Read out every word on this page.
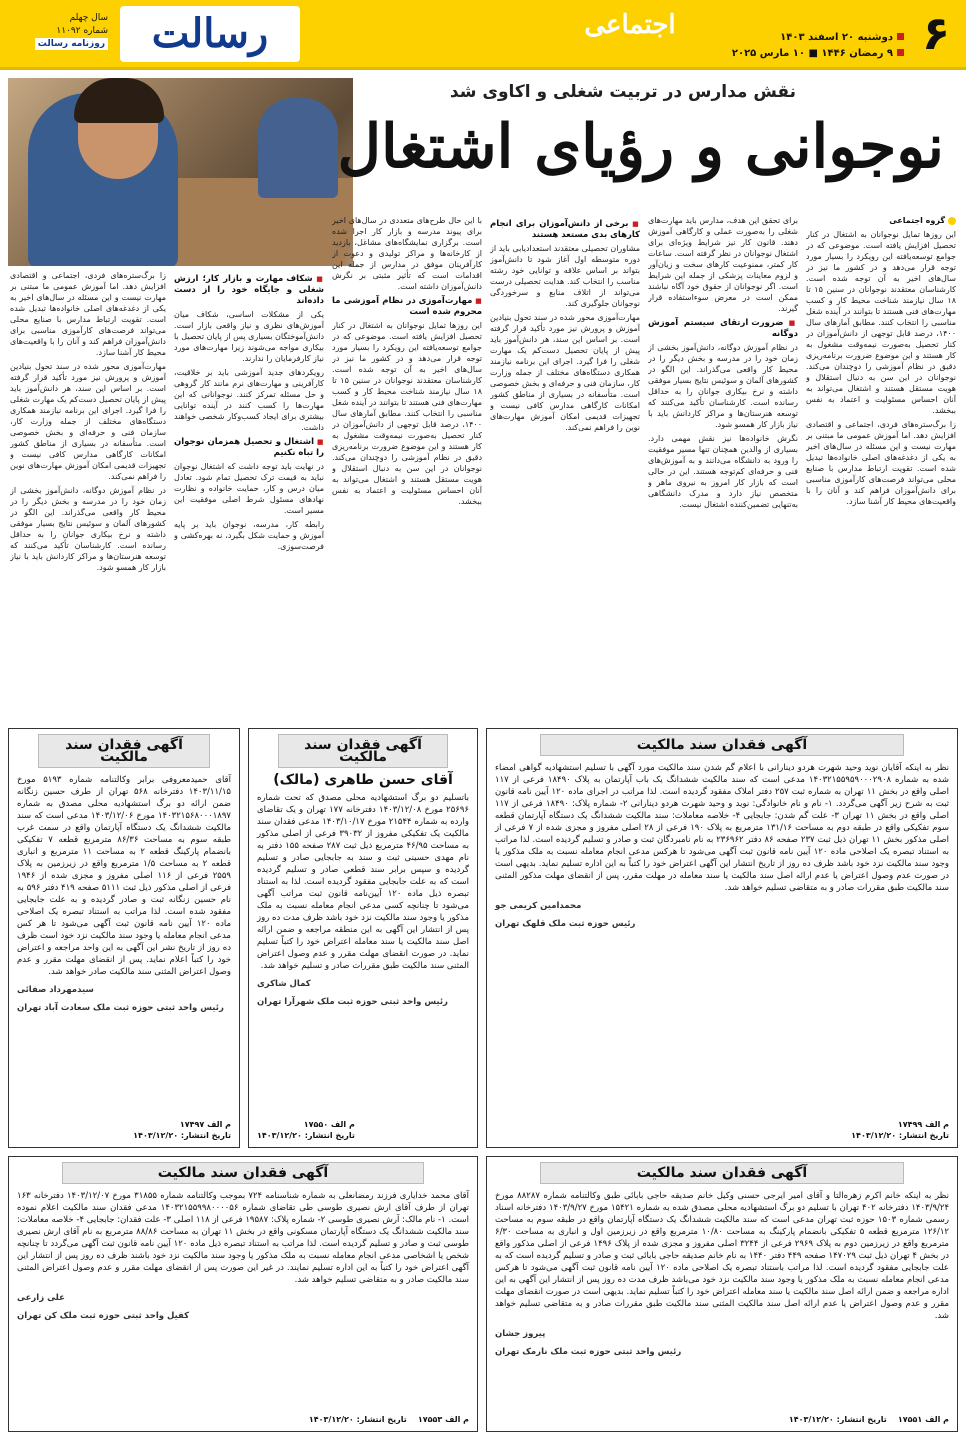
۶
دوشنبه ۲۰ اسفند ۱۴۰۳
۹ رمضان ۱۴۴۶ ■ ۱۰ مارس ۲۰۲۵
اجتماعی
رسالت
سال چهلم
شماره ۱۱۰۹۲
روزنامه رسالت
نقش مدارس در تربیت شغلی و اکاوی شد
نوجوانی و رؤیای اشتغال

گروه اجتماعی

این روزها تمایل نوجوانان به اشتغال در کنار تحصیل افزایش یافته است. موضوعی که در جوامع توسعه‌یافته این رویکرد را بسیار مورد توجه قرار می‌دهد و در کشور ما نیز در سال‌های اخیر به آن توجه شده است. کارشناسان معتقدند نوجوانان در سنین ۱۵ تا ۱۸ سال نیازمند شناخت محیط کار و کسب مهارت‌های فنی هستند تا بتوانند در آینده شغل مناسبی را انتخاب کنند. مطابق آمارهای سال ۱۴۰۰، درصد قابل توجهی از دانش‌آموزان در کنار تحصیل به‌صورت نیمه‌وقت مشغول به کار هستند و این موضوع ضرورت برنامه‌ریزی دقیق در نظام آموزشی را دوچندان می‌کند. نوجوانان در این سن به دنبال استقلال و هویت مستقل هستند و اشتغال می‌تواند به آنان احساس مسئولیت و اعتماد به نفس ببخشد.

زا برگ‌ستره‌های فردی، اجتماعی و اقتصادی افزایش دهد. اما آموزش عمومی ما مبتنی بر مهارت نیست و این مسئله در سال‌های اخیر به یکی از دغدغه‌های اصلی خانواده‌ها تبدیل شده است. تقویت ارتباط مدارس با صنایع محلی می‌تواند فرصت‌های کارآموزی مناسبی برای دانش‌آموزان فراهم کند و آنان را با واقعیت‌های محیط کار آشنا سازد.

برای تحقق این هدف، مدارس باید مهارت‌های شغلی را به‌صورت عملی و کارگاهی آموزش دهند. قانون کار نیز شرایط ویژه‌ای برای اشتغال نوجوانان در نظر گرفته است. ساعات کار کمتر، ممنوعیت کارهای سخت و زیان‌آور و لزوم معاینات پزشکی از جمله این شرایط است. اگر نوجوانان از حقوق خود آگاه نباشند ممکن است در معرض سوءاستفاده قرار گیرند.

■ ضرورت ارتقای سیستم آموزش دوگانه

در نظام آموزش دوگانه، دانش‌آموز بخشی از زمان خود را در مدرسه و بخش دیگر را در محیط کار واقعی می‌گذراند. این الگو در کشورهای آلمان و سوئیس نتایج بسیار موفقی داشته و نرخ بیکاری جوانان را به حداقل رسانده است. کارشناسان تأکید می‌کنند که توسعه هنرستان‌ها و مراکز کاردانش باید با نیاز بازار کار همسو شود.

نگرش خانواده‌ها نیز نقش مهمی دارد. بسیاری از والدین همچنان تنها مسیر موفقیت را ورود به دانشگاه می‌دانند و به آموزش‌های فنی و حرفه‌ای کم‌توجه هستند. این در حالی است که بازار کار امروز به نیروی ماهر و متخصص نیاز دارد و مدرک دانشگاهی به‌تنهایی تضمین‌کننده اشتغال نیست.

■ برخی از دانش‌آموزان برای انجام کارهای بدی مستعد هستند

مشاوران تحصیلی معتقدند استعدادیابی باید از دوره متوسطه اول آغاز شود تا دانش‌آموز بتواند بر اساس علاقه و توانایی خود رشته مناسب را انتخاب کند. هدایت تحصیلی درست می‌تواند از اتلاف منابع و سرخوردگی نوجوانان جلوگیری کند.

مهارت‌آموزی محور شده در سند تحول بنیادین آموزش و پرورش نیز مورد تأکید قرار گرفته است. بر اساس این سند، هر دانش‌آموز باید پیش از پایان تحصیل دست‌کم یک مهارت شغلی را فرا گیرد. اجرای این برنامه نیازمند همکاری دستگاه‌های مختلف از جمله وزارت کار، سازمان فنی و حرفه‌ای و بخش خصوصی است. متأسفانه در بسیاری از مناطق کشور امکانات کارگاهی مدارس کافی نیست و تجهیزات قدیمی امکان آموزش مهارت‌های نوین را فراهم نمی‌کند.

با این حال طرح‌های متعددی در سال‌های اخیر برای پیوند مدرسه و بازار کار اجرا شده است. برگزاری نمایشگاه‌های مشاغل، بازدید از کارخانه‌ها و مراکز تولیدی و دعوت از کارآفرینان موفق در مدارس از جمله این اقدامات است که تأثیر مثبتی بر نگرش دانش‌آموزان داشته است.

■ مهارت‌آموزی در نظام آموزشی ما محروم شده است

این روزها تمایل نوجوانان به اشتغال در کنار تحصیل افزایش یافته است. موضوعی که در جوامع توسعه‌یافته این رویکرد را بسیار مورد توجه قرار می‌دهد و در کشور ما نیز در سال‌های اخیر به آن توجه شده است. کارشناسان معتقدند نوجوانان در سنین ۱۵ تا ۱۸ سال نیازمند شناخت محیط کار و کسب مهارت‌های فنی هستند تا بتوانند در آینده شغل مناسبی را انتخاب کنند. مطابق آمارهای سال ۱۴۰۰، درصد قابل توجهی از دانش‌آموزان در کنار تحصیل به‌صورت نیمه‌وقت مشغول به کار هستند و این موضوع ضرورت برنامه‌ریزی دقیق در نظام آموزشی را دوچندان می‌کند. نوجوانان در این سن به دنبال استقلال و هویت مستقل هستند و اشتغال می‌تواند به آنان احساس مسئولیت و اعتماد به نفس ببخشد.

■ شکاف مهارت و بازار کار؛ ارزش شغلی و جایگاه خود را از دست داده‌اند

یکی از مشکلات اساسی، شکاف میان آموزش‌های نظری و نیاز واقعی بازار است. دانش‌آموختگان بسیاری پس از پایان تحصیل با بیکاری مواجه می‌شوند زیرا مهارت‌های مورد نیاز کارفرمایان را ندارند.

رویکردهای جدید آموزشی باید بر خلاقیت، کارآفرینی و مهارت‌های نرم مانند کار گروهی و حل مسئله تمرکز کنند. نوجوانانی که این مهارت‌ها را کسب کنند در آینده توانایی بیشتری برای ایجاد کسب‌وکار شخصی خواهند داشت.

■ اشتغال و تحصیل همزمان نوجوان را تباه نکنیم

در نهایت باید توجه داشت که اشتغال نوجوان نباید به قیمت ترک تحصیل تمام شود. تعادل میان درس و کار، حمایت خانواده و نظارت نهادهای مسئول شرط اصلی موفقیت این مسیر است.

رابطه کار، مدرسه، نوجوان باید بر پایه آموزش و حمایت شکل بگیرد، نه بهره‌کشی و فرصت‌سوزی.

زا برگ‌ستره‌های فردی، اجتماعی و اقتصادی افزایش دهد. اما آموزش عمومی ما مبتنی بر مهارت نیست و این مسئله در سال‌های اخیر به یکی از دغدغه‌های اصلی خانواده‌ها تبدیل شده است. تقویت ارتباط مدارس با صنایع محلی می‌تواند فرصت‌های کارآموزی مناسبی برای دانش‌آموزان فراهم کند و آنان را با واقعیت‌های محیط کار آشنا سازد.

مهارت‌آموزی محور شده در سند تحول بنیادین آموزش و پرورش نیز مورد تأکید قرار گرفته است. بر اساس این سند، هر دانش‌آموز باید پیش از پایان تحصیل دست‌کم یک مهارت شغلی را فرا گیرد. اجرای این برنامه نیازمند همکاری دستگاه‌های مختلف از جمله وزارت کار، سازمان فنی و حرفه‌ای و بخش خصوصی است. متأسفانه در بسیاری از مناطق کشور امکانات کارگاهی مدارس کافی نیست و تجهیزات قدیمی امکان آموزش مهارت‌های نوین را فراهم نمی‌کند.

در نظام آموزش دوگانه، دانش‌آموز بخشی از زمان خود را در مدرسه و بخش دیگر را در محیط کار واقعی می‌گذراند. این الگو در کشورهای آلمان و سوئیس نتایج بسیار موفقی داشته و نرخ بیکاری جوانان را به حداقل رسانده است. کارشناسان تأکید می‌کنند که توسعه هنرستان‌ها و مراکز کاردانش باید با نیاز بازار کار همسو شود.

آگهی فقدان سند مالکیت
نظر به اینکه آقایان نوید وحید شهرت هردو دینارانی با اعلام گم شدن سند مالکیت مورد آگهی با تسلیم استشهادیه گواهی امضاء شده به شماره ۱۴۰۳۲۱۵۵۹۵۹۰۰۰۲۹۰۸ مدعی است که سند مالکیت ششدانگ یک باب آپارتمان به پلاک ۱۸۴۹۰ فرعی از ۱۱۷ اصلی واقع در بخش ۱۱ تهران به شماره ثبت ۲۵۷ دفتر املاک مفقود گردیده است. لذا مراتب در اجرای ماده ۱۲۰ آیین نامه قانون ثبت به شرح زیر آگهی می‌گردد. ۱- نام و نام خانوادگی: نوید و وحید شهرت هردو دینارانی ۲- شماره پلاک: ۱۸۴۹۰ فرعی از ۱۱۷ اصلی واقع در بخش ۱۱ تهران ۳- علت گم شدن: جابجایی ۴- خلاصه معاملات: سند مالکیت ششدانگ یک دستگاه آپارتمان قطعه سوم تفکیکی واقع در طبقه دوم به مساحت ۱۳۱/۱۶ مترمربع به پلاک ۱۹۰ فرعی از ۲۸ اصلی مفروز و مجزی شده از ۷ فرعی از اصلی مذکور بخش ۱۱ تهران ذیل ثبت ۲۳۷ صفحه ۸۶ دفتر ۲۳۶۹۶۲ به نام نامبردگان ثبت و صادر و تسلیم گردیده است. لذا مراتب به استناد تبصره یک اصلاحی ماده ۱۲۰ آیین نامه قانون ثبت آگهی می‌شود تا هرکس مدعی انجام معامله نسبت به ملک مذکور یا وجود سند مالکیت نزد خود باشد ظرف ده روز از تاریخ انتشار این آگهی اعتراض خود را کتباً به این اداره تسلیم نماید. بدیهی است در صورت عدم وصول اعتراض یا عدم ارائه اصل سند مالکیت یا سند معامله در مهلت مقرر، پس از انقضای مهلت مذکور المثنی سند مالکیت طبق مقررات صادر و به متقاضی تسلیم خواهد شد.
محمدامین کریمی جو
رئیس حوزه ثبت ملک قلهک تهران
م الف ۱۷۴۹۹
تاریخ انتشار: ۱۴۰۳/۱۲/۲۰
آگهی فقدان سند مالکیت
آقای حسن طاهری (مالک)
باتسلیم دو برگ استشهادیه محلی مصدق که تحت شماره ۲۵۶۹۶ مورخ ۱۴۰۳/۱۲/۰۸ دفترخانه ۱۷۷ تهران و یک تقاضای وارده به شماره ۲۱۵۴۴ مورخ ۱۴۰۳/۱۰/۱۷ مدعی فقدان سند مالکیت یک تفکیکی مفروز از ۳۹۰۳۲ فرعی از اصلی مذکور به مساحت ۴۶/۹۵ مترمربع ذیل ثبت ۲۸۷ صفحه ۱۵۵ دفتر به نام مهدی حسینی ثبت و سند به جابجایی صادر و تسلیم گردیده و سپس برابر سند قطعی صادر و تسلیم گردیده است که به علت جابجایی مفقود گردیده است. لذا به استناد تبصره ذیل ماده ۱۲۰ آیین‌نامه قانون ثبت مراتب آگهی می‌شود تا چنانچه کسی مدعی انجام معامله نسبت به ملک مذکور یا وجود سند مالکیت نزد خود باشد ظرف مدت ده روز پس از انتشار این آگهی به این منطقه مراجعه و ضمن ارائه اصل سند مالکیت یا سند معامله اعتراض خود را کتباً تسلیم نماید. در صورت انقضای مهلت مقرر و عدم وصول اعتراض المثنی سند مالکیت طبق مقررات صادر و تسلیم خواهد شد.
کمال شاکری
رئیس واحد ثبتی حوزه ثبت ملک شهرآرا تهران
م الف ۱۷۵۵۰
تاریخ انتشار: ۱۴۰۳/۱۲/۲۰
آگهی فقدان سند مالکیت
آقای حمیدمعروفی برابر وکالتنامه شماره ۵۱۹۳ مورخ ۱۴۰۳/۱۱/۱۵ دفترخانه ۵۶۸ تهران از طرف حسین زنگانه ضمن ارائه دو برگ استشهادیه محلی مصدق به شماره ۱۴۰۳۲۱۵۶۸۰۰۰۱۸۹۷ مورخ ۱۴۰۳/۱۲/۰۶ مدعی است که سند مالکیت ششدانگ یک دستگاه آپارتمان واقع در سمت غرب طبقه سوم به مساحت ۸۶/۳۶ مترمربع قطعه ۷ تفکیکی بانضمام پارکینگ قطعه ۲ به مساحت ۱۱ مترمربع و انباری قطعه ۲ به مساحت ۱/۵ مترمربع واقع در زیرزمین به پلاک ۲۵۵۹ فرعی از ۱۱۶ اصلی مفروز و مجزی شده از ۱۹۴۶ فرعی از اصلی مذکور ذیل ثبت ۵۱۱۱ صفحه ۴۱۹ دفتر ۵۹۶ به نام حسین زنگانه ثبت و صادر گردیده و به علت جابجایی مفقود شده است. لذا مراتب به استناد تبصره یک اصلاحی ماده ۱۲۰ آیین نامه قانون ثبت آگهی می‌شود تا هر کس مدعی انجام معامله یا وجود سند مالکیت نزد خود است ظرف ده روز از تاریخ نشر این آگهی به این واحد مراجعه و اعتراض خود را کتباً اعلام نماید. پس از انقضای مهلت مقرر و عدم وصول اعتراض المثنی سند مالکیت صادر خواهد شد.
سیدمهرداد صفائی
رئیس واحد ثبتی حوزه ثبت ملک سعادت آباد تهران
م الف ۱۷۴۹۷
تاریخ انتشار: ۱۴۰۳/۱۲/۲۰
آگهی فقدان سند مالکیت
نظر به اینکه خانم اکرم زهره‌التا و آقای امیر ایرجی حسنی وکیل خانم صدیقه حاجی بابائی طبق وکالتنامه شماره ۸۸۲۸۷ مورخ ۱۴۰۳/۹/۲۴ دفترخانه ۴۰۲ تهران با تسلیم دو برگ استشهادیه محلی مصدق شده به شماره ۱۵۴۲۱ مورخ ۱۴۰۳/۹/۲۷ دفترخانه اسناد رسمی شماره ۱۵۰۳ حوزه ثبت تهران مدعی است که سند مالکیت ششدانگ یک دستگاه آپارتمان واقع در طبقه سوم به مساحت ۱۲۶/۱۲ مترمربع قطعه ۵ تفکیکی بانضمام پارکینگ به مساحت ۱۰/۸۰ مترمربع واقع در زیرزمین اول و انباری به مساحت ۶/۳۰ مترمربع واقع در زیرزمین دوم به پلاک ۲۹۶۹ فرعی از ۳۲۴۴ اصلی مفروز و مجزی شده از پلاک ۱۴۹۶ فرعی از اصلی مذکور واقع در بخش ۴ تهران ذیل ثبت ۱۴۷۰۲۹ صفحه ۴۴۹ دفتر ۱۴۴۰ به نام خانم صدیقه حاجی بابائی ثبت و صادر و تسلیم گردیده است که به علت جابجایی مفقود گردیده است. لذا مراتب باستناد تبصره یک اصلاحی ماده ۱۲۰ آیین نامه قانون ثبت آگهی می‌شود تا هرکس مدعی انجام معامله نسبت به ملک مذکور یا وجود سند مالکیت نزد خود می‌باشد ظرف مدت ده روز پس از انتشار این آگهی به این اداره مراجعه و ضمن ارائه اصل سند مالکیت یا سند معامله اعتراض خود را کتباً تسلیم نماید. بدیهی است در صورت انقضای مهلت مقرر و عدم وصول اعتراض یا عدم ارائه اصل سند مالکیت المثنی سند مالکیت طبق مقررات صادر و به متقاضی تسلیم خواهد شد.
پیروز جشان
رئیس واحد ثبتی حوزه ثبت ملک نارمک تهران
م الف ۱۷۵۵۱    تاریخ انتشار: ۱۴۰۳/۱۲/۲۰
آگهی فقدان سند مالکیت
آقای محمد خدایاری فرزند رمضانعلی به شماره شناسنامه ۷۲۴ بموجب وکالتنامه شماره ۳۱۸۵۵ مورخ ۱۴۰۳/۱۲/۰۷ دفترخانه ۱۶۳ تهران از طرف آقای ارش نصیری طوسی طی تقاضای شماره ۱۴۰۳۲۱۵۵۹۹۸۰۰۰۰۵۶ مدعی فقدان سند مالکیت اعلام نموده است. ۱- نام مالک: آرش نصیری طوسی ۲- شماره پلاک: ۱۹۵۸۷ فرعی از ۱۱۸ اصلی ۳- علت فقدان: جابجایی ۴- خلاصه معاملات: سند مالکیت ششدانگ یک دستگاه آپارتمان مسکونی واقع در بخش ۱۱ تهران به مساحت ۸۸/۸۶ مترمربع به نام آقای ارش نصیری طوسی ثبت و صادر و تسلیم گردیده است. لذا مراتب به استناد تبصره ذیل ماده ۱۲۰ آیین نامه قانون ثبت آگهی می‌گردد تا چنانچه شخص یا اشخاصی مدعی انجام معامله نسبت به ملک مذکور یا وجود سند مالکیت نزد خود باشند ظرف ده روز پس از انتشار این آگهی اعتراض خود را کتباً به این اداره تسلیم نمایند. در غیر این صورت پس از انقضای مهلت مقرر و عدم وصول اعتراض المثنی سند مالکیت صادر و به متقاضی تسلیم خواهد شد.
علی زارعی
کفیل واحد ثبتی حوزه ثبت ملک کن تهران
م الف ۱۷۵۵۳    تاریخ انتشار: ۱۴۰۳/۱۲/۲۰
